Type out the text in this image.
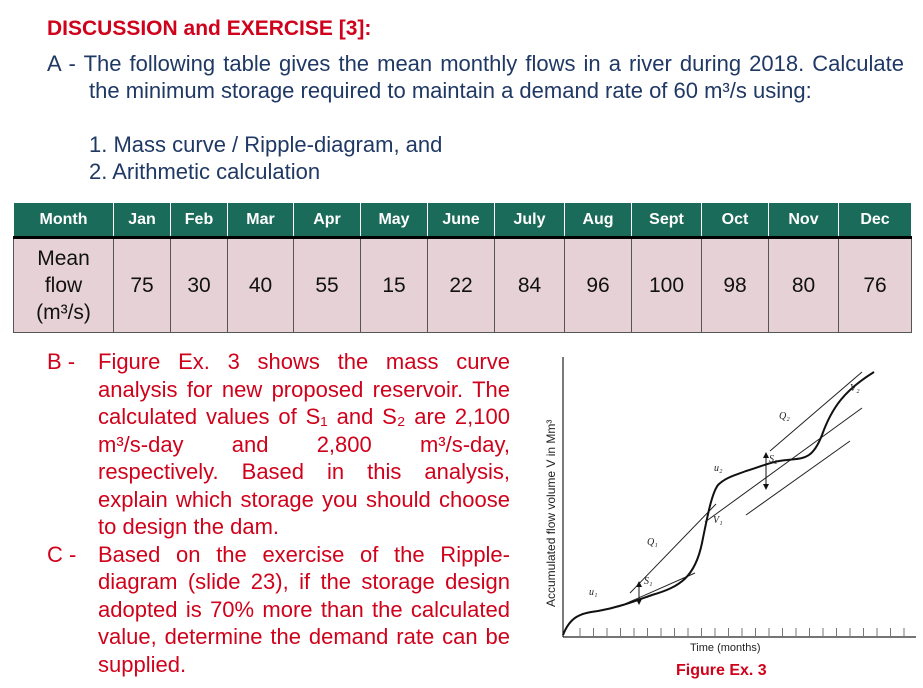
DISCUSSION and EXERCISE [3]:

A - The following table gives the mean monthly flows in a river during 2018. Calculate the minimum storage required to maintain a demand rate of 60 m³/s using:

1. Mass curve / Ripple-diagram, and
2. Arithmetic calculation
Month	Jan	Feb	Mar	Apr	May	June	July	Aug	Sept	Oct	Nov	Dec
Mean
flow
(m³/s)	75	30	40	55	15	22	84	96	100	98	80	76
B - Figure Ex. 3 shows the mass curve analysis for new proposed reservoir. The calculated values of S₁ and S₂ are 2,100 m³/s-day and 2,800 m³/s-day, respectively. Based in this analysis, explain which storage you should choose to design the dam.
C - Based on the exercise of the Ripple-diagram (slide 23), if the storage design adopted is 70% more than the calculated value, determine the demand rate can be supplied.
Accumulated flow volume V in Mm³	u₁
Q₁
S₁
V₁
u₂
S₂
Q₂
V₂
Time (months)

Figure Ex. 3
